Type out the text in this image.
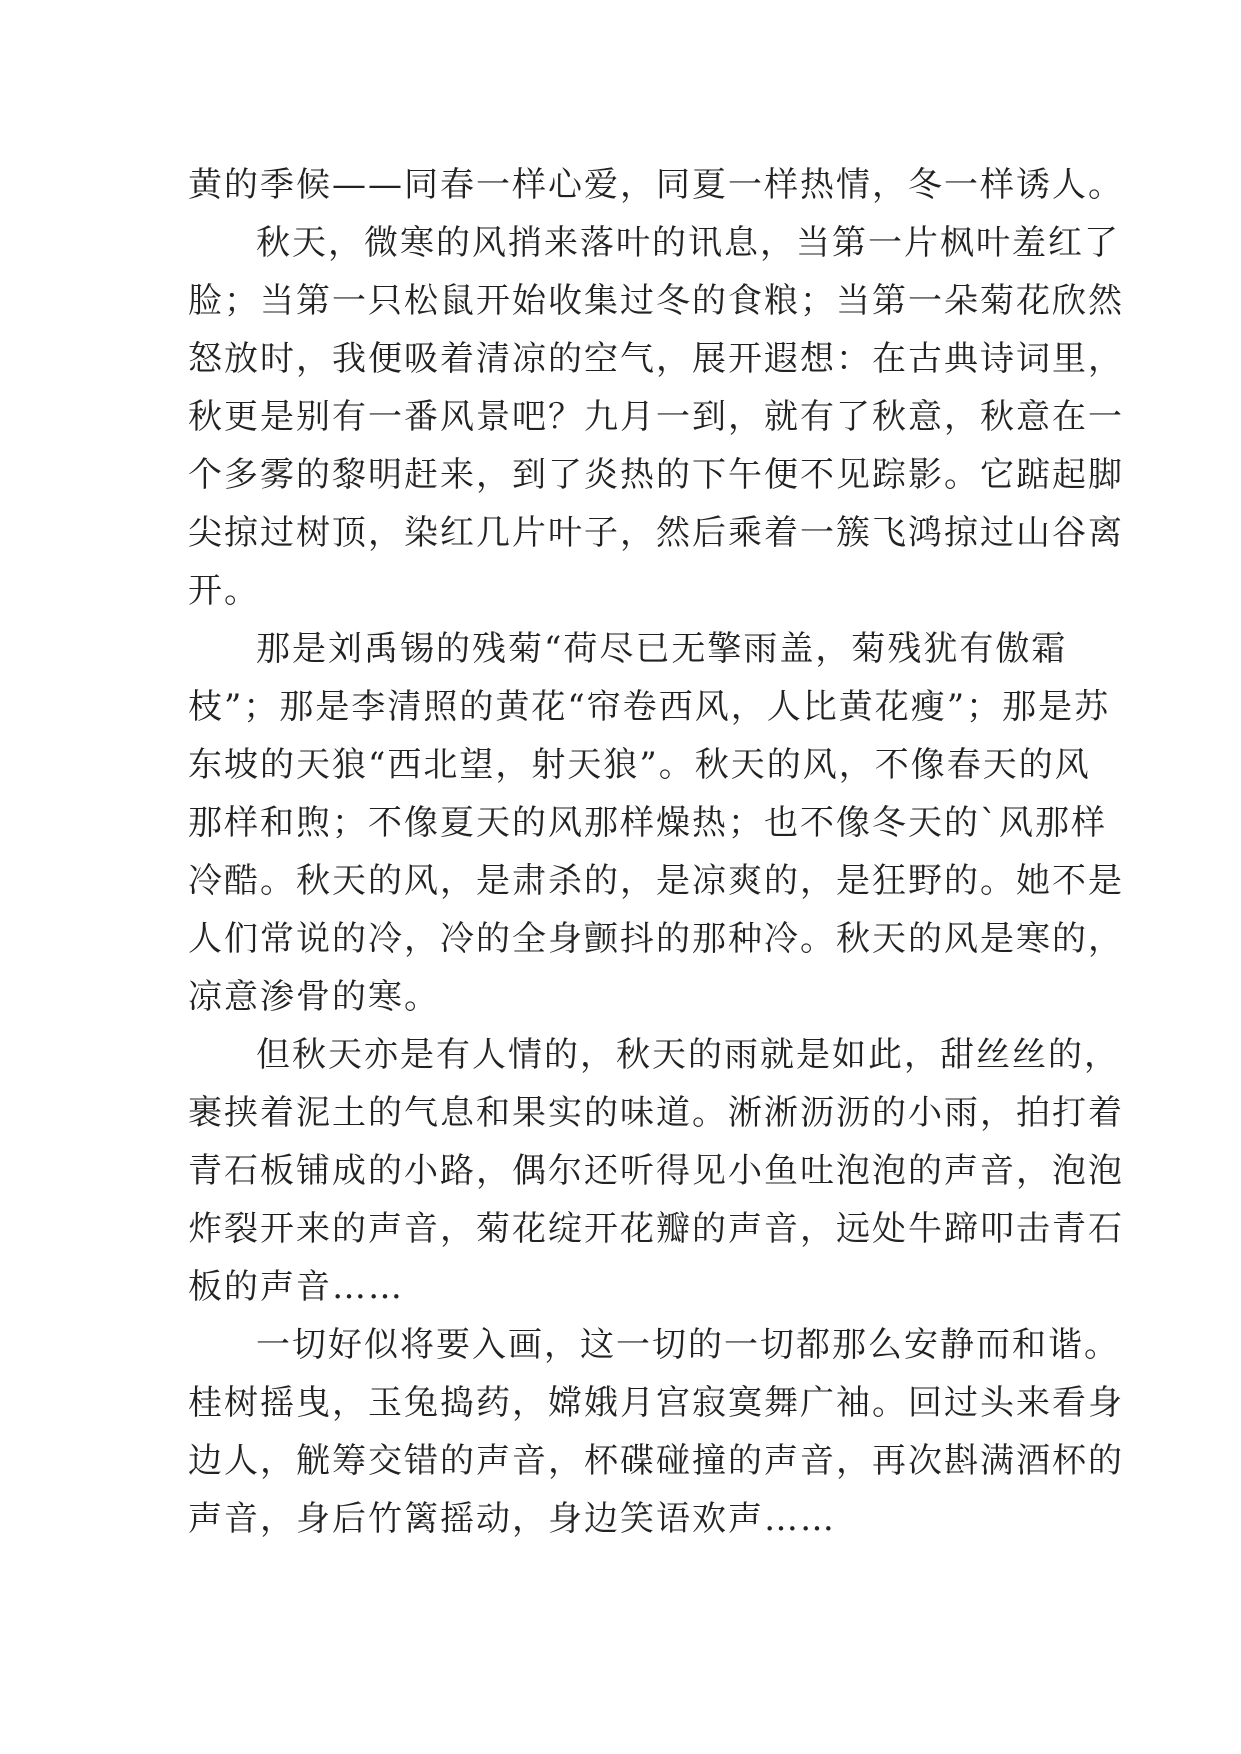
黄的季候——同春一样心爱，同夏一样热情，冬一样诱人。
秋天，微寒的风捎来落叶的讯息，当第一片枫叶羞红了
脸；当第一只松鼠开始收集过冬的食粮；当第一朵菊花欣然
怒放时，我便吸着清凉的空气，展开遐想：在古典诗词里，
秋更是别有一番风景吧？九月一到，就有了秋意，秋意在一
个多雾的黎明赶来，到了炎热的下午便不见踪影。它踮起脚
尖掠过树顶，染红几片叶子，然后乘着一簇飞鸿掠过山谷离
开。
那是刘禹锡的残菊“荷尽已无擎雨盖，菊残犹有傲霜
枝”；那是李清照的黄花“帘卷西风，人比黄花瘦”；那是苏
东坡的天狼“西北望，射天狼”。秋天的风，不像春天的风
那样和煦；不像夏天的风那样燥热；也不像冬天的`风那样
冷酷。秋天的风，是肃杀的，是凉爽的，是狂野的。她不是
人们常说的冷，冷的全身颤抖的那种冷。秋天的风是寒的，
凉意渗骨的寒。
但秋天亦是有人情的，秋天的雨就是如此，甜丝丝的，
裹挟着泥土的气息和果实的味道。淅淅沥沥的小雨，拍打着
青石板铺成的小路，偶尔还听得见小鱼吐泡泡的声音，泡泡
炸裂开来的声音，菊花绽开花瓣的声音，远处牛蹄叩击青石
板的声音……
一切好似将要入画，这一切的一切都那么安静而和谐。
桂树摇曳，玉兔捣药，嫦娥月宫寂寞舞广袖。回过头来看身
边人，觥筹交错的声音，杯碟碰撞的声音，再次斟满酒杯的
声音，身后竹篱摇动，身边笑语欢声……
